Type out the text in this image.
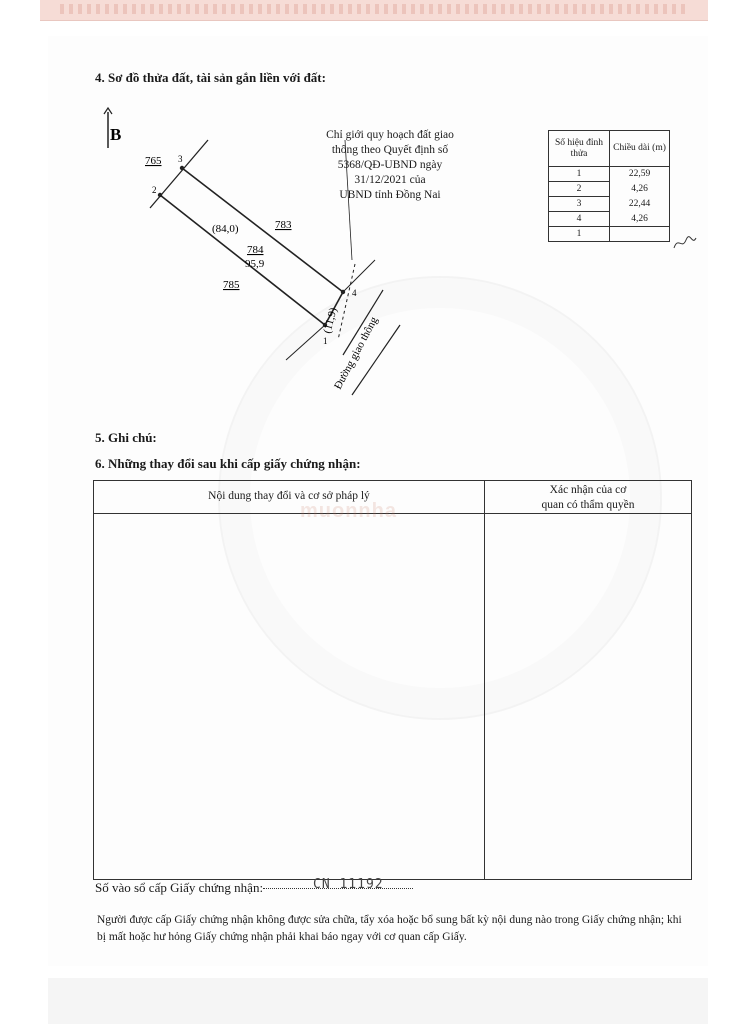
4. Sơ đồ thửa đất, tài sản gắn liền với đất:
B
765
783
784
95,9
(84,0)
785
(11,9)
3
2
4
1 Đường giao thông
Chỉ giới quy hoạch đất giao
thông theo Quyết định số
5368/QĐ-UBND ngày
31/12/2021 của
UBND tỉnh Đồng Nai
Số hiệu đỉnh thửa	Chiều dài (m)
1	22,59
2	4,26
3	22,44
4	4,26
1	
5. Ghi chú:
6. Những thay đổi sau khi cấp giấy chứng nhận:
Nội dung thay đổi và cơ sở pháp lý	Xác nhận của cơ
quan có thẩm quyền
muonnha
Số vào sổ cấp Giấy chứng nhận:	CN 11192
Người được cấp Giấy chứng nhận không được sửa chữa, tẩy xóa hoặc bổ sung bất kỳ nội dung nào trong Giấy chứng nhận; khi bị mất hoặc hư hỏng Giấy chứng nhận phải khai báo ngay với cơ quan cấp Giấy.
